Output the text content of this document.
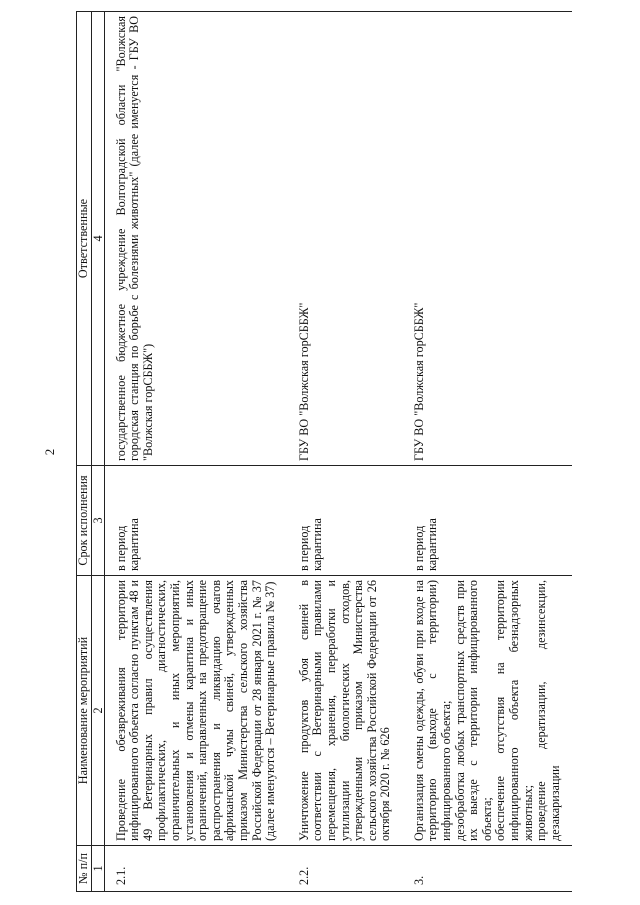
2
№ п/п	Наименование мероприятий	Срок исполнения	Ответственные
1	2	3	4
2.1.	Проведение обезвреживания территории инфицированного объекта согласно пунктам 48 и 49 Ветеринарных правил осуществления профилактических, диагностических, ограничительных и иных мероприятий, установления и отмены карантина и иных ограничений, направленных на предотвращение распространения и ликвидацию очагов африканской чумы свиней, утвержденных приказом Министерства сельского хозяйства Российской Федерации от 28 января 2021 г. № 37 (далее именуются – Ветеринарные правила № 37)	в период карантина	государственное бюджетное учреждение Волгоградской области "Волжская городская станция по борьбе с болезнями животных" (далее именуется - ГБУ ВО "Волжская горСББЖ")
2.2.	Уничтожение продуктов убоя свиней в соответствии с Ветеринарными правилами перемещения, хранения, переработки и утилизации биологических отходов, утвержденными приказом Министерства сельского хозяйства Российской Федерации от 26 октября 2020 г. № 626	в период карантина	ГБУ ВО "Волжская горСББЖ"
3.	Организация смены одежды, обуви при входе на территорию (выходе с территории) инфицированного объекта; дезобработка любых транспортных средств при их выезде с территории инфицированного объекта; обеспечение отсутствия на территории инфицированного объекта безнадзорных животных; проведение дератизации, дезинсекции, дезакаризации	в период карантина	ГБУ ВО "Волжская горСББЖ"
